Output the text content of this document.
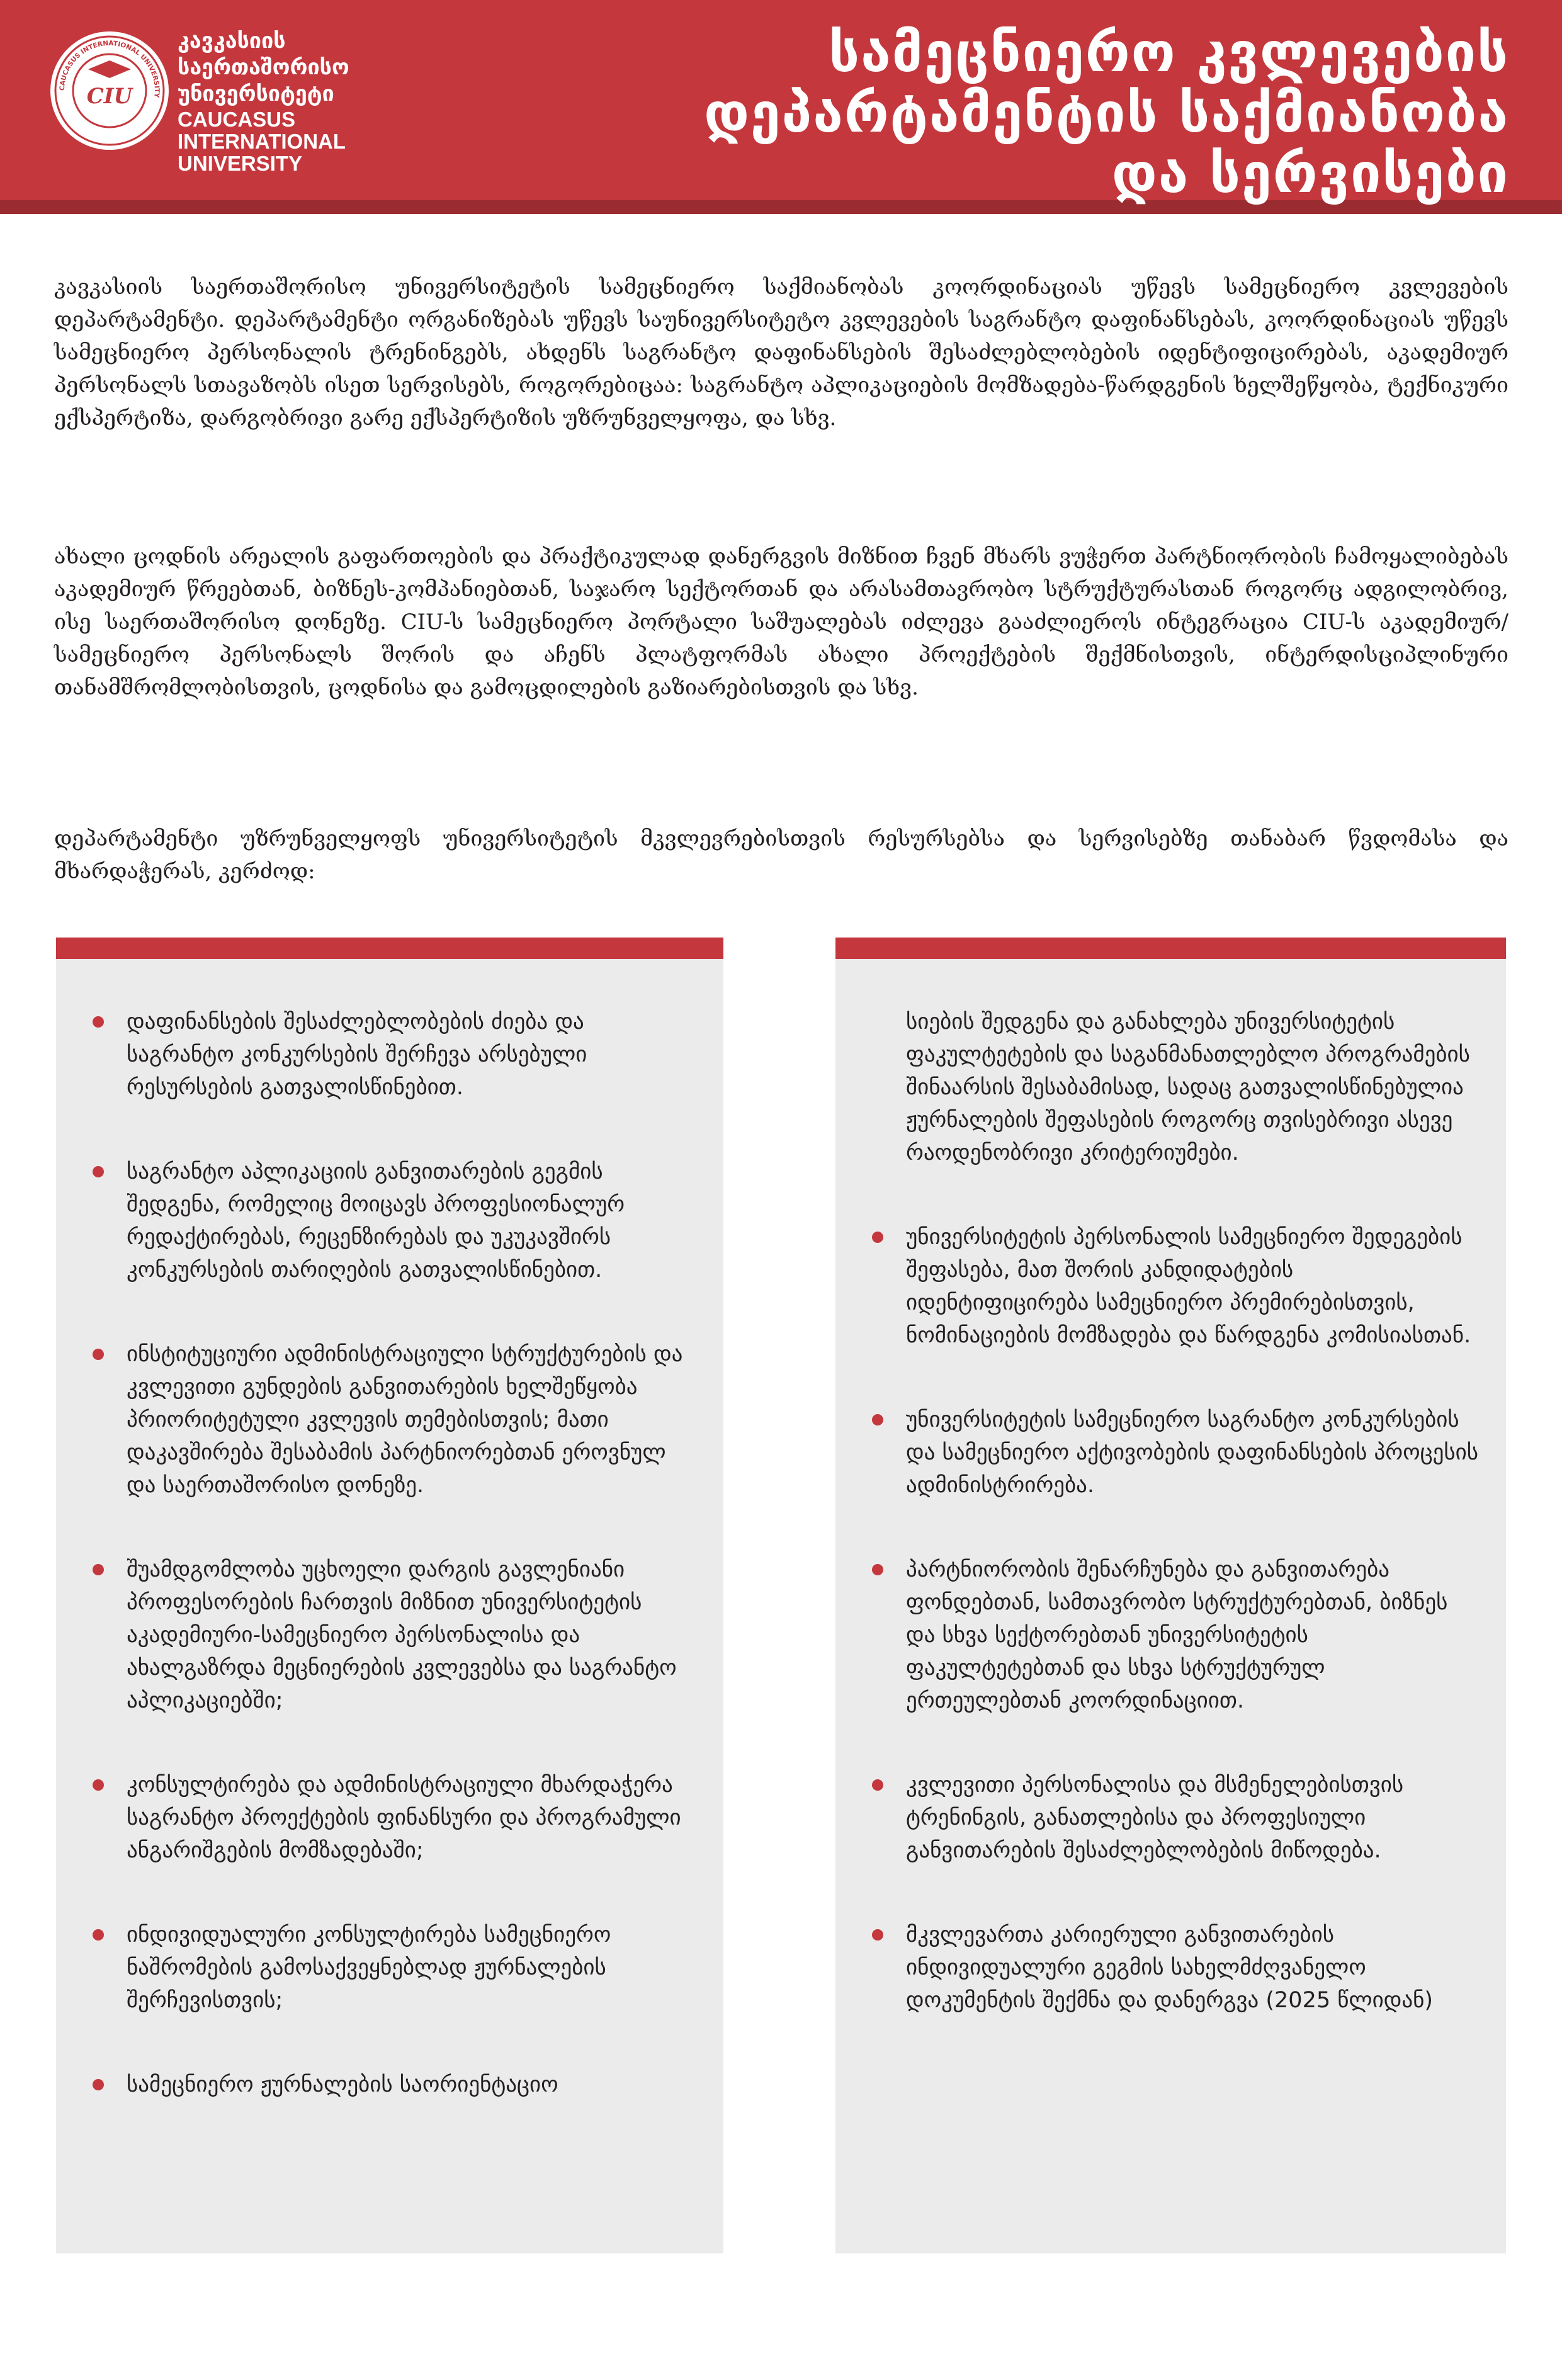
CAUCASUS INTERNATIONAL UNIVERSITY
CIU
კავკასიის
საერთაშორისო
უნივერსიტეტი
CAUCASUS
INTERNATIONAL
UNIVERSITY
სამეცნიერო კვლევების
დეპარტამენტის საქმიანობა
და სერვისები

კავკასიის საერთაშორისო უნივერსიტეტის სამეცნიერო საქმიანობას კოორდინაციას უწევს სამეცნიერო კვლევების დეპარტამენტი. დეპარტამენტი ორგანიზებას უწევს საუნივერსიტეტო კვლევების საგრანტო დაფინანსებას, კოორდინაციას უწევს სამეცნიერო პერსონალის ტრენინგებს, ახდენს საგრანტო დაფინანსების შესაძლებლობების იდენტიფიცირებას, აკადემიურ პერსონალს სთავაზობს ისეთ სერვისებს, როგორებიცაა: საგრანტო აპლიკაციების მომზადება-წარდგენის ხელშეწყობა, ტექნიკური ექსპერტიზა, დარგობრივი გარე ექსპერტიზის უზრუნველყოფა, და სხვ.

ახალი ცოდნის არეალის გაფართოების და პრაქტიკულად დანერგვის მიზნით ჩვენ მხარს ვუჭერთ პარტნიორობის ჩამოყალიბებას აკადემიურ წრეებთან, ბიზნეს-კომპანიებთან, საჯარო სექტორთან და არასამთავრობო სტრუქტურასთან როგორც ადგილობრივ, ისე საერთაშორისო დონეზე. CIU-ს სამეცნიერო პორტალი საშუალებას იძლევა გააძლიეროს ინტეგრაცია CIU-ს აკადემიურ/სამეცნიერო პერსონალს შორის და აჩენს პლატფორმას ახალი პროექტების შექმნისთვის, ინტერდისციპლინური თანამშრომლობისთვის, ცოდნისა და გამოცდილების გაზიარებისთვის და სხვ.

დეპარტამენტი უზრუნველყოფს უნივერსიტეტის მკვლევრებისთვის რესურსებსა და სერვისებზე თანაბარ წვდომასა და მხარდაჭერას, კერძოდ:

დაფინანსების შესაძლებლობების ძიება და საგრანტო კონკურსების შერჩევა არსებული რესურსების გათვალისწინებით.
საგრანტო აპლიკაციის განვითარების გეგმის შედგენა, რომელიც მოიცავს პროფესიონალურ რედაქტირებას, რეცენზირებას და უკუკავშირს კონკურსების თარიღების გათვალისწინებით.
ინსტიტუციური ადმინისტრაციული სტრუქტურების და კვლევითი გუნდების განვითარების ხელშეწყობა პრიორიტეტული კვლევის თემებისთვის; მათი დაკავშირება შესაბამის პარტნიორებთან ეროვნულ და საერთაშორისო დონეზე.
შუამდგომლობა უცხოელი დარგის გავლენიანი პროფესორების ჩართვის მიზნით უნივერსიტეტის აკადემიური-სამეცნიერო პერსონალისა და ახალგაზრდა მეცნიერების კვლევებსა და საგრანტო აპლიკაციებში;
კონსულტირება და ადმინისტრაციული მხარდაჭერა საგრანტო პროექტების ფინანსური და პროგრამული ანგარიშგების მომზადებაში;
ინდივიდუალური კონსულტირება სამეცნიერო ნაშრომების გამოსაქვეყნებლად ჟურნალების შერჩევისთვის;
სამეცნიერო ჟურნალების საორიენტაციო
სიების შედგენა და განახლება უნივერსიტეტის ფაკულტეტების და საგანმანათლებლო პროგრამების შინაარსის შესაბამისად, სადაც გათვალისწინებულია ჟურნალების შეფასების როგორც თვისებრივი ასევე რაოდენობრივი კრიტერიუმები.
უნივერსიტეტის პერსონალის სამეცნიერო შედეგების შეფასება, მათ შორის კანდიდატების იდენტიფიცირება სამეცნიერო პრემირებისთვის, ნომინაციების მომზადება და წარდგენა კომისიასთან.
უნივერსიტეტის სამეცნიერო საგრანტო კონკურსების და სამეცნიერო აქტივობების დაფინანსების პროცესის ადმინისტრირება.
პარტნიორობის შენარჩუნება და განვითარება ფონდებთან, სამთავრობო სტრუქტურებთან, ბიზნეს და სხვა სექტორებთან უნივერსიტეტის ფაკულტეტებთან და სხვა სტრუქტურულ ერთეულებთან კოორდინაციით.
კვლევითი პერსონალისა და მსმენელებისთვის ტრენინგის, განათლებისა და პროფესიული განვითარების შესაძლებლობების მიწოდება.
მკვლევართა კარიერული განვითარების ინდივიდუალური გეგმის სახელმძღვანელო დოკუმენტის შექმნა და დანერგვა (2025 წლიდან)
